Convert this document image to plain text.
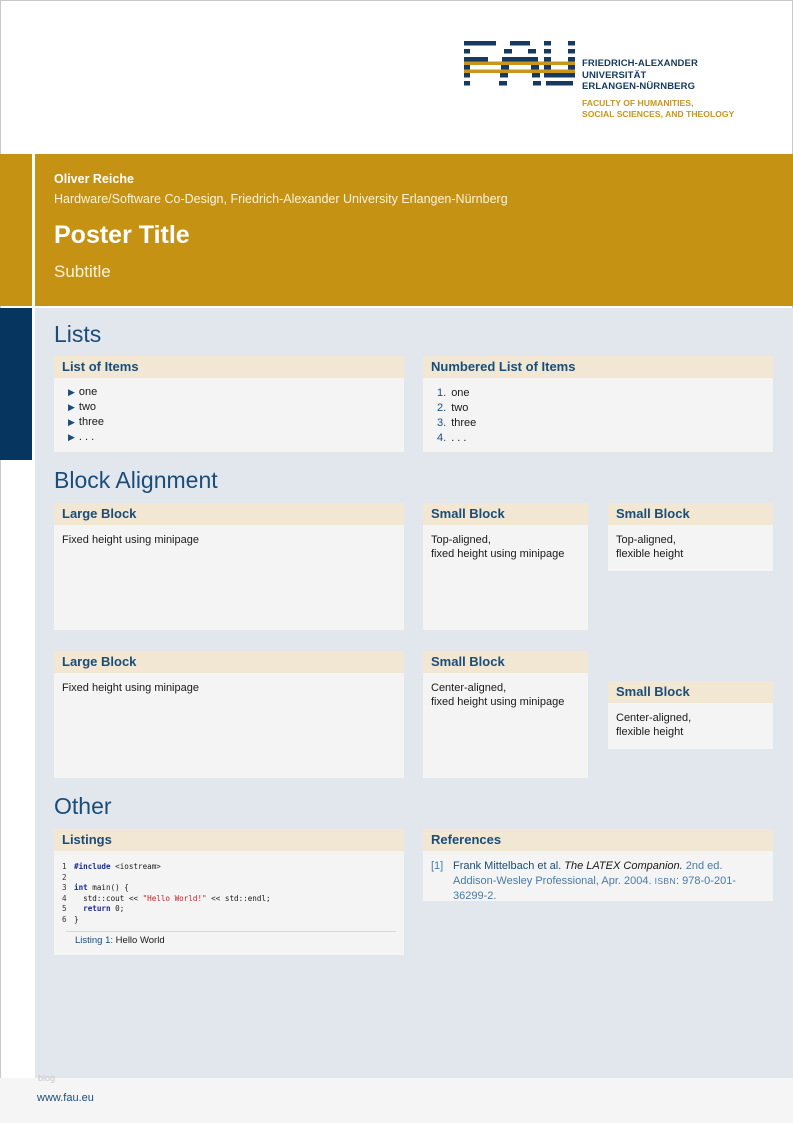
FRIEDRICH-ALEXANDER
UNIVERSITÄT
ERLANGEN-NÜRNBERG
FACULTY OF HUMANITIES,
SOCIAL SCIENCES, AND THEOLOGY
Oliver Reiche
Hardware/Software Co-Design, Friedrich-Alexander University Erlangen-Nürnberg
Poster Title
Subtitle
Lists
List of Items
▶ one
▶ two
▶ three
▶ . . .
Numbered List of Items
1. one
2. two
3. three
4. . . .
Block Alignment
Large Block
Fixed height using minipage
Small Block
Top-aligned,
fixed height using minipage
Small Block
Top-aligned,
flexible height
Large Block
Fixed height using minipage
Small Block
Center-aligned,
fixed height using minipage
Small Block
Center-aligned,
flexible height
Other
Listings
1 #include <iostream>
2
3 int main() {
4  std::cout << "Hello World!" << std::endl;
5  return 0;
6 }
Listing 1: Hello World
References
[1] Frank Mittelbach et al. The LATEX Companion. 2nd ed. Addison-Wesley Professional, Apr. 2004. ISBN: 978-0-201-36299-2.
blog
www.fau.eu
